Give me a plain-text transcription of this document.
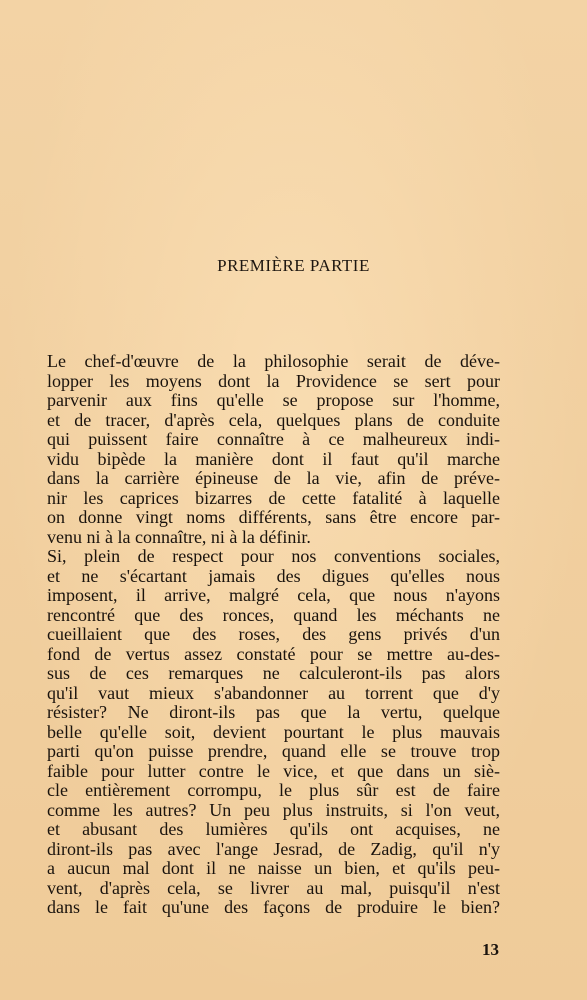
PREMIÈRE PARTIE
Le chef-d'œuvre de la philosophie serait de déve-
lopper les moyens dont la Providence se sert pour
parvenir aux fins qu'elle se propose sur l'homme,
et de tracer, d'après cela, quelques plans de conduite
qui puissent faire connaître à ce malheureux indi-
vidu bipède la manière dont il faut qu'il marche
dans la carrière épineuse de la vie, afin de préve-
nir les caprices bizarres de cette fatalité à laquelle
on donne vingt noms différents, sans être encore par-
venu ni à la connaître, ni à la définir.
Si, plein de respect pour nos conventions sociales,
et ne s'écartant jamais des digues qu'elles nous
imposent, il arrive, malgré cela, que nous n'ayons
rencontré que des ronces, quand les méchants ne
cueillaient que des roses, des gens privés d'un
fond de vertus assez constaté pour se mettre au-des-
sus de ces remarques ne calculeront-ils pas alors
qu'il vaut mieux s'abandonner au torrent que d'y
résister? Ne diront-ils pas que la vertu, quelque
belle qu'elle soit, devient pourtant le plus mauvais
parti qu'on puisse prendre, quand elle se trouve trop
faible pour lutter contre le vice, et que dans un siè-
cle entièrement corrompu, le plus sûr est de faire
comme les autres? Un peu plus instruits, si l'on veut,
et abusant des lumières qu'ils ont acquises, ne
diront-ils pas avec l'ange Jesrad, de Zadig, qu'il n'y
a aucun mal dont il ne naisse un bien, et qu'ils peu-
vent, d'après cela, se livrer au mal, puisqu'il n'est
dans le fait qu'une des façons de produire le bien?
13
